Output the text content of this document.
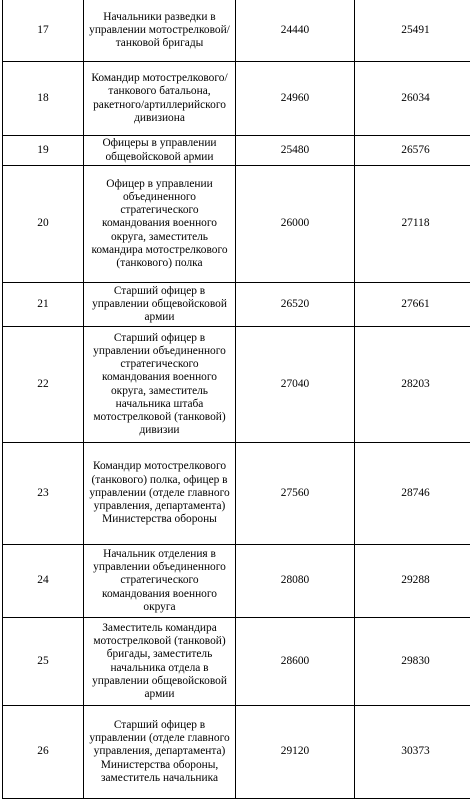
17	Начальники разведки в управлении мотострелковой/танковой бригады	24440	25491
18	Командир мотострелкового/танкового батальона, ракетного/артиллерийского дивизиона	24960	26034
19	Офицеры в управлении общевойсковой армии	25480	26576
20	Офицер в управлении объединенного стратегического командования военного округа, заместитель командира мотострелкового (танкового) полка	26000	27118
21	Старший офицер в управлении общевойсковой армии	26520	27661
22	Старший офицер в управлении объединенного стратегического командования военного округа, заместитель начальника штаба мотострелковой (танковой) дивизии	27040	28203
23	Командир мотострелкового (танкового) полка, офицер в управлении (отделе главного управления, департамента) Министерства обороны	27560	28746
24	Начальник отделения в управлении объединенного стратегического командования военного округа	28080	29288
25	Заместитель командира мотострелковой (танковой) бригады, заместитель начальника отдела в управлении общевойсковой армии	28600	29830
26	Старший офицер в управлении (отделе главного управления, департамента) Министерства обороны, заместитель начальника	29120	30373
